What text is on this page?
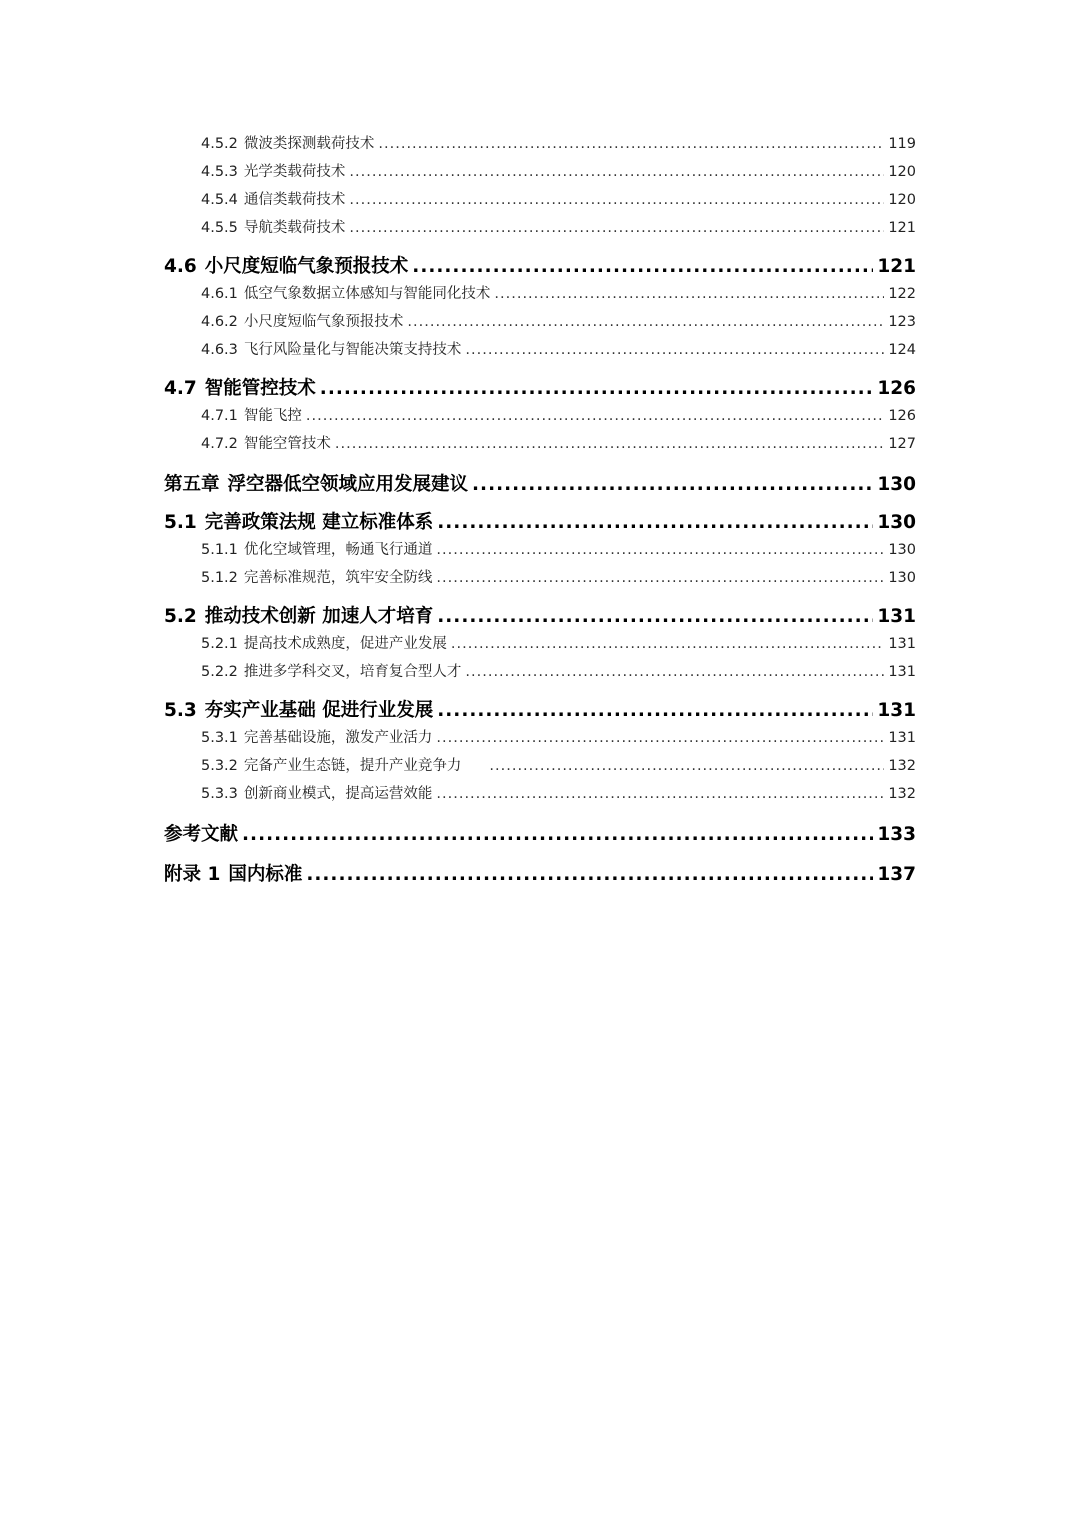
4.5.2 微波类探测载荷技术 .....	119
4.5.3 光学类载荷技术 .....	120
4.5.4 通信类载荷技术 .....	120
4.5.5 导航类载荷技术 .....	121
4.6 小尺度短临气象预报技术 .....	121
4.6.1 低空气象数据立体感知与智能同化技术 .....	122
4.6.2 小尺度短临气象预报技术 .....	123
4.6.3 飞行风险量化与智能决策支持技术 .....	124
4.7 智能管控技术 .....	126
4.7.1 智能飞控 .....	126
4.7.2 智能空管技术 .....	127
第五章 浮空器低空领域应用发展建议 .....	130
5.1 完善政策法规 建立标准体系 .....	130
5.1.1 优化空域管理，畅通飞行通道 .....	130
5.1.2 完善标准规范，筑牢安全防线 .....	130
5.2 推动技术创新 加速人才培育 .....	131
5.2.1 提高技术成熟度，促进产业发展 .....	131
5.2.2 推进多学科交叉，培育复合型人才 .....	131
5.3 夯实产业基础 促进行业发展 .....	131
5.3.1 完善基础设施，激发产业活力 .....	131
5.3.2 完备产业生态链，提升产业竞争力 .....	132
5.3.3 创新商业模式，提高运营效能 .....	132
参考文献 .....	133
附录 1 国内标准 .....	137
